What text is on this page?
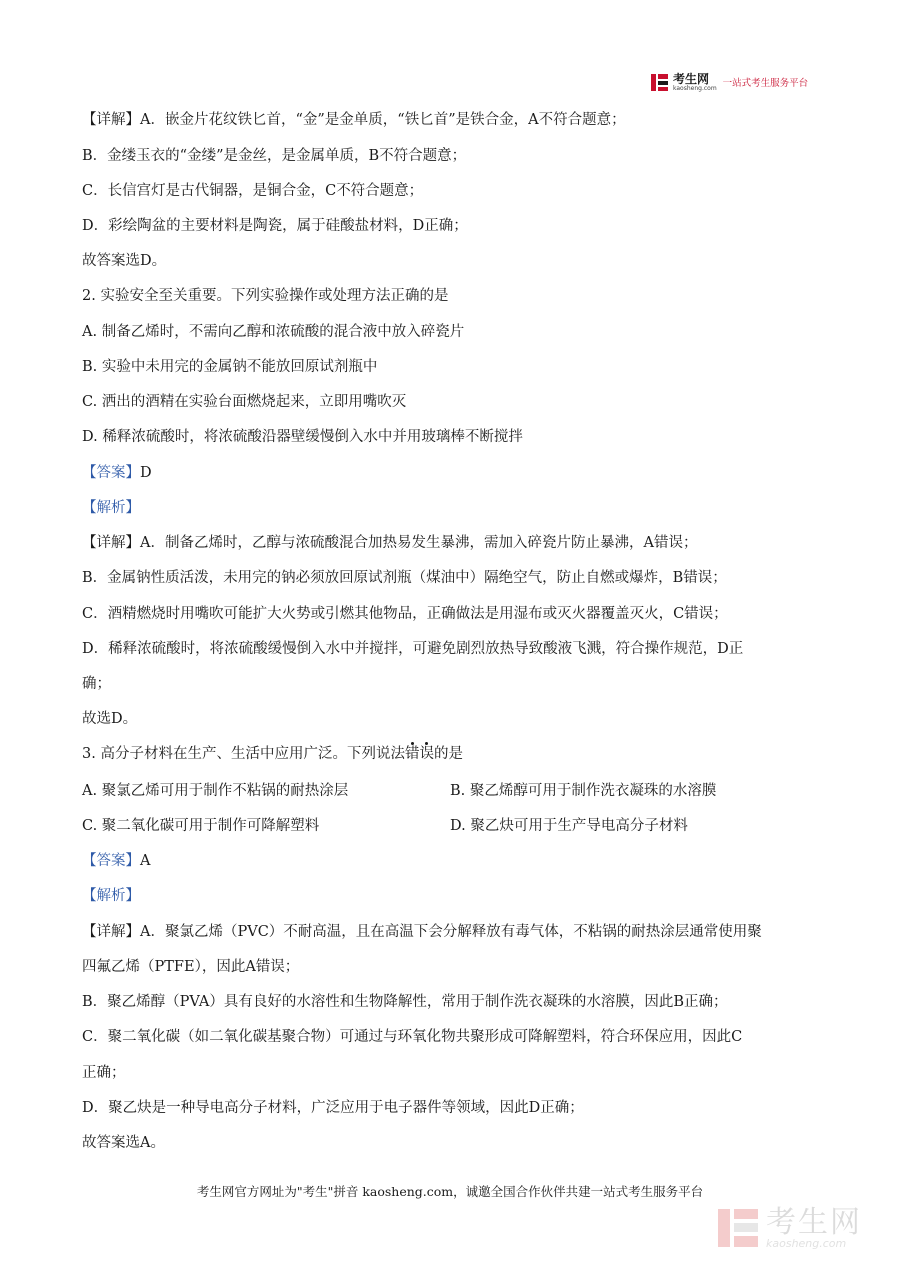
考生网
kaosheng.com 一站式考生服务平台
【详解】A．嵌金片花纹铁匕首，“金”是金单质，“铁匕首”是铁合金，A不符合题意；
B．金缕玉衣的“金缕”是金丝，是金属单质，B不符合题意；
C．长信宫灯是古代铜器，是铜合金，C不符合题意；
D．彩绘陶盆的主要材料是陶瓷，属于硅酸盐材料，D正确；
故答案选D。
2. 实验安全至关重要。下列实验操作或处理方法正确的是
A. 制备乙烯时，不需向乙醇和浓硫酸的混合液中放入碎瓷片
B. 实验中未用完的金属钠不能放回原试剂瓶中
C. 洒出的酒精在实验台面燃烧起来，立即用嘴吹灭
D. 稀释浓硫酸时，将浓硫酸沿器壁缓慢倒入水中并用玻璃棒不断搅拌
【答案】D
【解析】
【详解】A．制备乙烯时，乙醇与浓硫酸混合加热易发生暴沸，需加入碎瓷片防止暴沸，A错误；
B．金属钠性质活泼，未用完的钠必须放回原试剂瓶（煤油中）隔绝空气，防止自燃或爆炸，B错误；
C．酒精燃烧时用嘴吹可能扩大火势或引燃其他物品，正确做法是用湿布或灭火器覆盖灭火，C错误；
D．稀释浓硫酸时，将浓硫酸缓慢倒入水中并搅拌，可避免剧烈放热导致酸液飞溅，符合操作规范，D正
确；
故选D。
3. 高分子材料在生产、生活中应用广泛。下列说法错误的是
A. 聚氯乙烯可用于制作不粘锅的耐热涂层	B. 聚乙烯醇可用于制作洗衣凝珠的水溶膜
C. 聚二氧化碳可用于制作可降解塑料	D. 聚乙炔可用于生产导电高分子材料
【答案】A
【解析】
【详解】A．聚氯乙烯（PVC）不耐高温，且在高温下会分解释放有毒气体，不粘锅的耐热涂层通常使用聚
四氟乙烯（PTFE），因此A错误；
B．聚乙烯醇（PVA）具有良好的水溶性和生物降解性，常用于制作洗衣凝珠的水溶膜，因此B正确；
C．聚二氧化碳（如二氧化碳基聚合物）可通过与环氧化物共聚形成可降解塑料，符合环保应用，因此C
正确；
D．聚乙炔是一种导电高分子材料，广泛应用于电子器件等领域，因此D正确；
故答案选A。
考生网官方网址为"考生"拼音 kaosheng.com，诚邀全国合作伙伴共建一站式考生服务平台
考生网
kaosheng.com
